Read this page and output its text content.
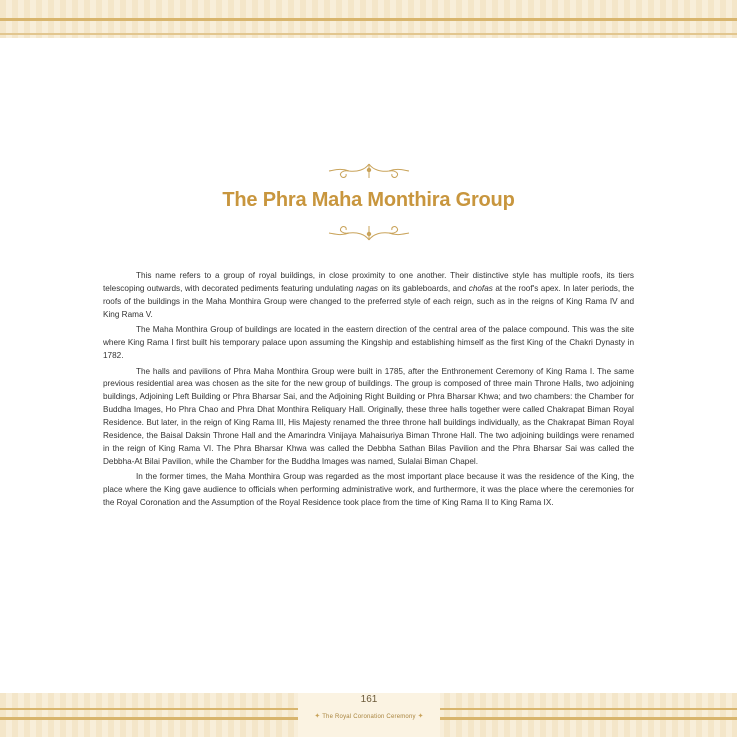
The Phra Maha Monthira Group

This name refers to a group of royal buildings, in close proximity to one another. Their distinctive style has multiple roofs, its tiers telescoping outwards, with decorated pediments featuring undulating nagas on its gableboards, and chofas at the roof's apex. In later periods, the roofs of the buildings in the Maha Monthira Group were changed to the preferred style of each reign, such as in the reigns of King Rama IV and King Rama V.

The Maha Monthira Group of buildings are located in the eastern direction of the central area of the palace compound. This was the site where King Rama I first built his temporary palace upon assuming the Kingship and establishing himself as the first King of the Chakri Dynasty in 1782.

The halls and pavilions of Phra Maha Monthira Group were built in 1785, after the Enthronement Ceremony of King Rama I. The same previous residential area was chosen as the site for the new group of buildings. The group is composed of three main Throne Halls, two adjoining buildings, Adjoining Left Building or Phra Bharsar Sai, and the Adjoining Right Building or Phra Bharsar Khwa; and two chambers: the Chamber for Buddha Images, Ho Phra Chao and Phra Dhat Monthira Reliquary Hall. Originally, these three halls together were called Chakrapat Biman Royal Residence. But later, in the reign of King Rama III, His Majesty renamed the three throne hall buildings individually, as the Chakrapat Biman Royal Residence, the Baisal Daksin Throne Hall and the Amarindra Vinijaya Mahaisuriya Biman Throne Hall. The two adjoining buildings were renamed in the reign of King Rama VI. The Phra Bharsar Khwa was called the Debbha Sathan Bilas Pavilion and the Phra Bharsar Sai was called the Debbha-At Bilai Pavilion, while the Chamber for the Buddha Images was named, Sulalai Biman Chapel.

In the former times, the Maha Monthira Group was regarded as the most important place because it was the residence of the King, the place where the King gave audience to officials when performing administrative work, and furthermore, it was the place where the ceremonies for the Royal Coronation and the Assumption of the Royal Residence took place from the time of King Rama II to King Rama IX.

161
✦ The Royal Coronation Ceremony ✦
